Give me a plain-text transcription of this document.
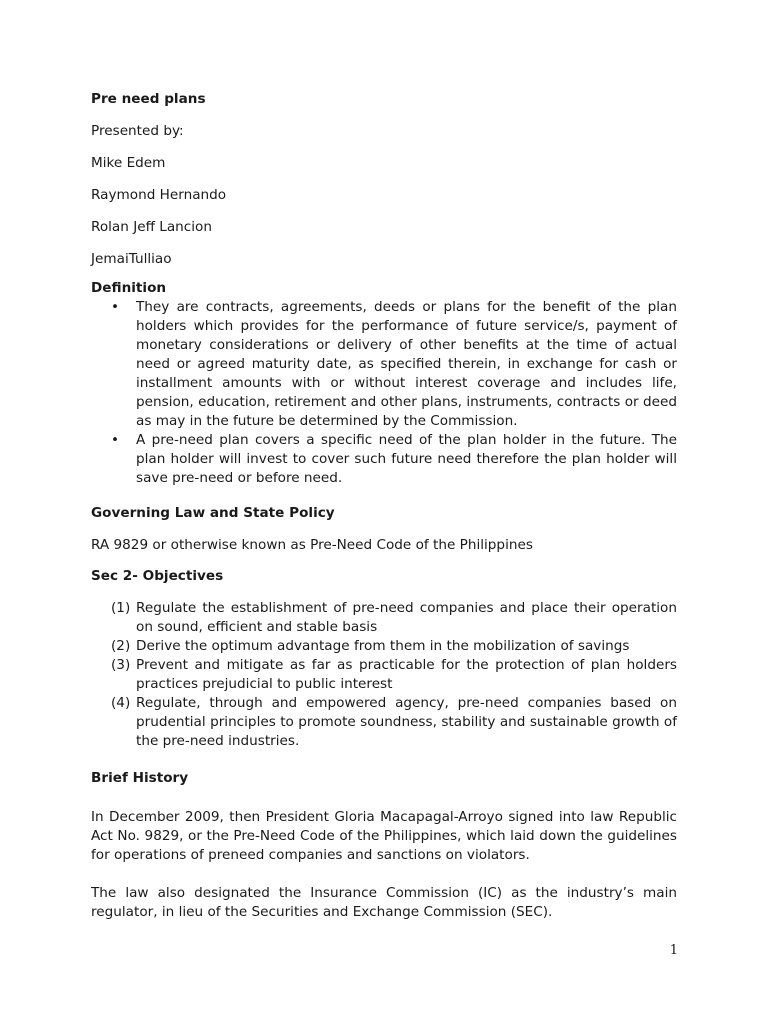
Pre need plans
Presented by:
Mike Edem
Raymond Hernando
Rolan Jeff Lancion
JemaiTulliao
Definition
• They are contracts, agreements, deeds or plans for the benefit of the plan holders which provides for the performance of future service/s, payment of monetary considerations or delivery of other benefits at the time of actual need or agreed maturity date, as specified therein, in exchange for cash or installment amounts with or without interest coverage and includes life, pension, education, retirement and other plans, instruments, contracts or deed as may in the future be determined by the Commission.
• A pre-need plan covers a specific need of the plan holder in the future. The plan holder will invest to cover such future need therefore the plan holder will save pre-need or before need.
Governing Law and State Policy
RA 9829 or otherwise known as Pre-Need Code of the Philippines
Sec 2- Objectives
(1) Regulate the establishment of pre-need companies and place their operation on sound, efficient and stable basis
(2) Derive the optimum advantage from them in the mobilization of savings
(3) Prevent and mitigate as far as practicable for the protection of plan holders practices prejudicial to public interest
(4) Regulate, through and empowered agency, pre-need companies based on prudential principles to promote soundness, stability and sustainable growth of the pre-need industries.
Brief History

In December 2009, then President Gloria Macapagal-Arroyo signed into law Republic Act No. 9829, or the Pre-Need Code of the Philippines, which laid down the guidelines for operations of preneed companies and sanctions on violators.

The law also designated the Insurance Commission (IC) as the industry’s main regulator, in lieu of the Securities and Exchange Commission (SEC).

1
